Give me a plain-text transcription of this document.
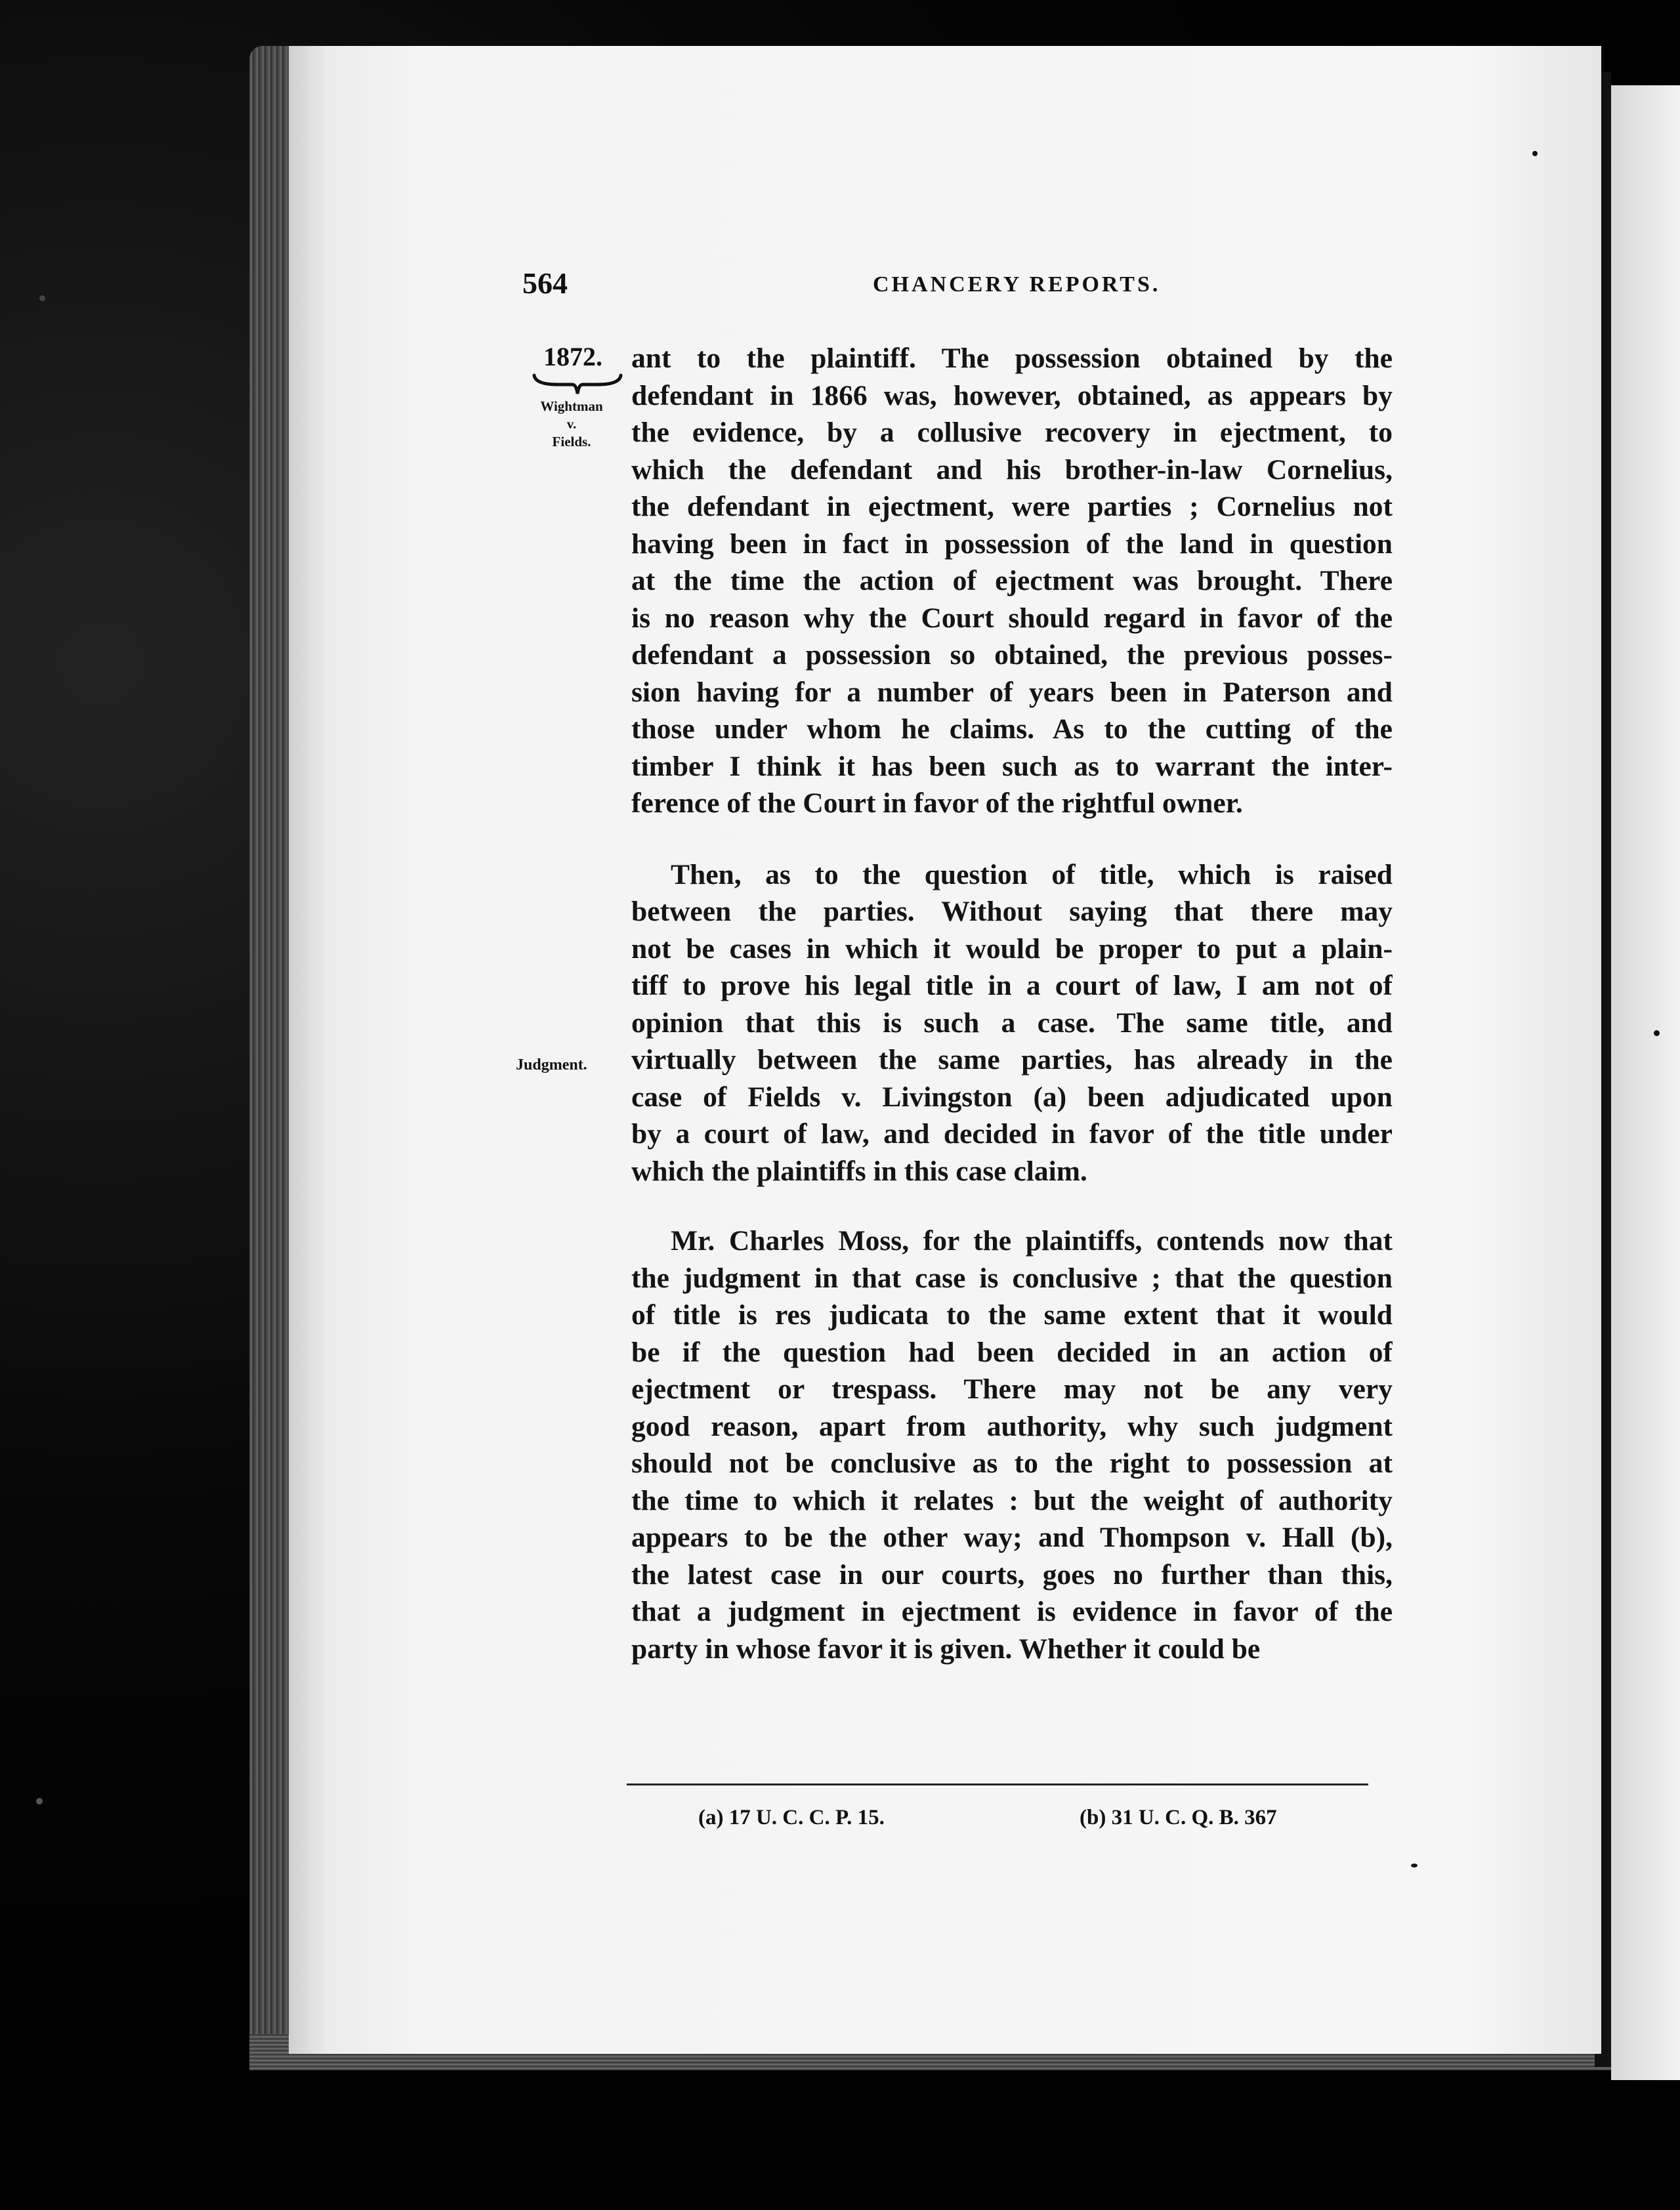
564	CHANCERY REPORTS.
1872.
Wightman
v.
Fields.
Judgment.

ant to the plaintiff. The possession obtained by the
defendant in 1866 was, however, obtained, as appears by
the evidence, by a collusive recovery in ejectment, to
which the defendant and his brother-in-law Cornelius,
the defendant in ejectment, were parties ; Cornelius not
having been in fact in possession of the land in question
at the time the action of ejectment was brought. There
is no reason why the Court should regard in favor of the
defendant a possession so obtained, the previous posses-
sion having for a number of years been in Paterson and
those under whom he claims. As to the cutting of the
timber I think it has been such as to warrant the inter-
ference of the Court in favor of the rightful owner.

Then, as to the question of title, which is raised
between the parties. Without saying that there may
not be cases in which it would be proper to put a plain-
tiff to prove his legal title in a court of law, I am not of
opinion that this is such a case. The same title, and
virtually between the same parties, has already in the
case of Fields v. Livingston (a) been adjudicated upon
by a court of law, and decided in favor of the title under
which the plaintiffs in this case claim.

Mr. Charles Moss, for the plaintiffs, contends now that
the judgment in that case is conclusive ; that the question
of title is res judicata to the same extent that it would
be if the question had been decided in an action of
ejectment or trespass. There may not be any very
good reason, apart from authority, why such judgment
should not be conclusive as to the right to possession at
the time to which it relates : but the weight of authority
appears to be the other way; and Thompson v. Hall (b),
the latest case in our courts, goes no further than this,
that a judgment in ejectment is evidence in favor of the
party in whose favor it is given. Whether it could be

(a) 17 U. C. C. P. 15.	(b) 31 U. C. Q. B. 367
